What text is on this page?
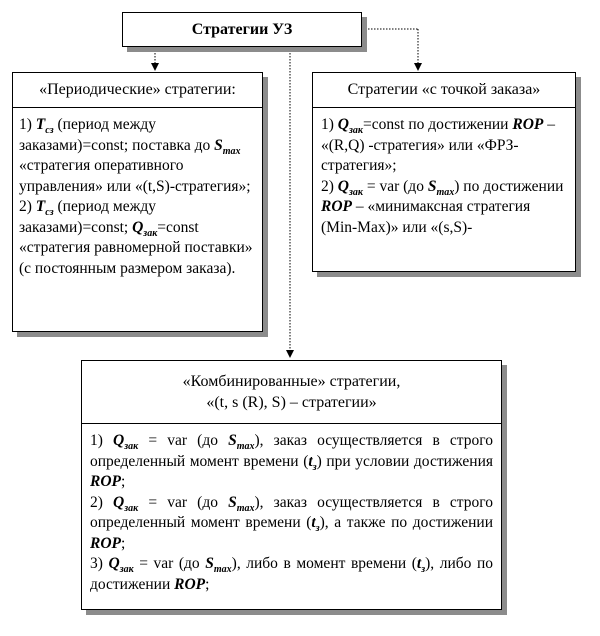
Стратегии УЗ
«Периодические» стратегии:

1) $T_{cз}$ (период между заказами)=const; поставка до $S_{max}$ «стратегия оперативного управления» или «(t,S)-стратегия»;

2) $T_{cз}$ (период между заказами)=const; $Q_{зак}=const$ «стратегия равномерной поставки» (с постоянным размером заказа).

Стратегии «с точкой заказа»

1) $Q_{зак}=const$ по достижении ROP – «(R,Q) -стратегия» или «ФРЗ-стратегия»;

2) $Q_{зак}$ = var (до $S_{max}$) по достижении ROP – «минимаксная стратегия (Min-Max)» или «(s,S)-

«Комбинированные» стратегии,
«(t, s (R), S) – стратегии»

1) $Q_{зак}$ = var (до $S_{max}$), заказ осуществляется в строго определенный момент времени $(t_з)$ при условии достижения ROP;

2) $Q_{зак}$ = var (до $S_{max}$), заказ осуществляется в строго определенный момент времени $(t_з)$, а также по достижении ROP;

3) $Q_{зак}$ = var (до $S_{max}$), либо в момент времени $(t_з)$, либо по достижении ROP;
